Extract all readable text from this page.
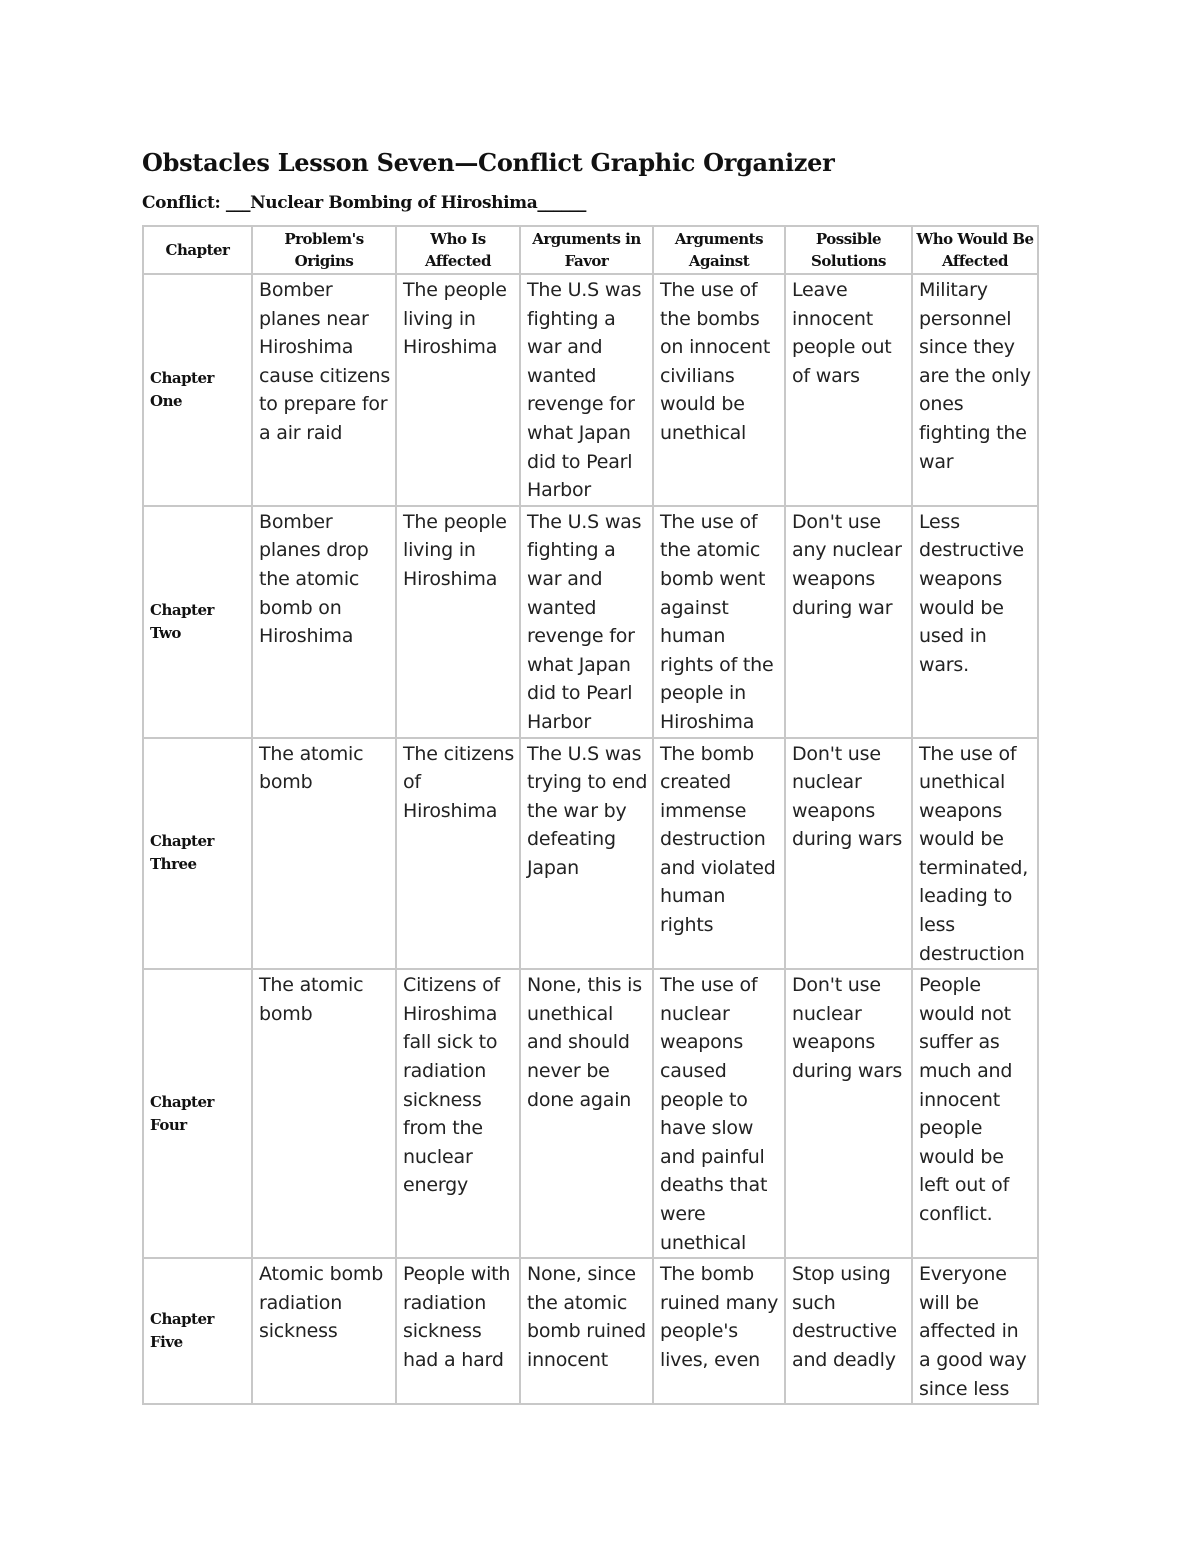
Obstacles Lesson Seven—Conflict Graphic Organizer
Conflict: ___Nuclear Bombing of Hiroshima______
Chapter	Problem's Origins	Who Is Affected	Arguments in Favor	Arguments Against	Possible Solutions	Who Would Be Affected
Chapter One	Bomber planes near Hiroshima cause citizens to prepare for a air raid	The people living in Hiroshima	The U.S was fighting a war and wanted revenge for what Japan did to Pearl Harbor	The use of the bombs on innocent civilians would be unethical	Leave innocent people out of wars	Military personnel since they are the only ones fighting the war
Chapter Two	Bomber planes drop the atomic bomb on Hiroshima	The people living in Hiroshima	The U.S was fighting a war and wanted revenge for what Japan did to Pearl Harbor	The use of the atomic bomb went against human rights of the people in Hiroshima	Don't use any nuclear weapons during war	Less destructive weapons would be used in wars.
Chapter Three	The atomic bomb	The citizens of Hiroshima	The U.S was trying to end the war by defeating Japan	The bomb created immense destruction and violated human rights	Don't use nuclear weapons during wars	The use of unethical weapons would be terminated, leading to less destruction
Chapter Four	The atomic bomb	Citizens of Hiroshima fall sick to radiation sickness from the nuclear energy	None, this is unethical and should never be done again	The use of nuclear weapons caused people to have slow and painful deaths that were unethical	Don't use nuclear weapons during wars	People would not suffer as much and innocent people would be left out of conflict.
Chapter Five	Atomic bomb radiation sickness	People with radiation sickness had a hard	None, since the atomic bomb ruined innocent	The bomb ruined many people's lives, even	Stop using such destructive and deadly	Everyone will be affected in a good way since less
